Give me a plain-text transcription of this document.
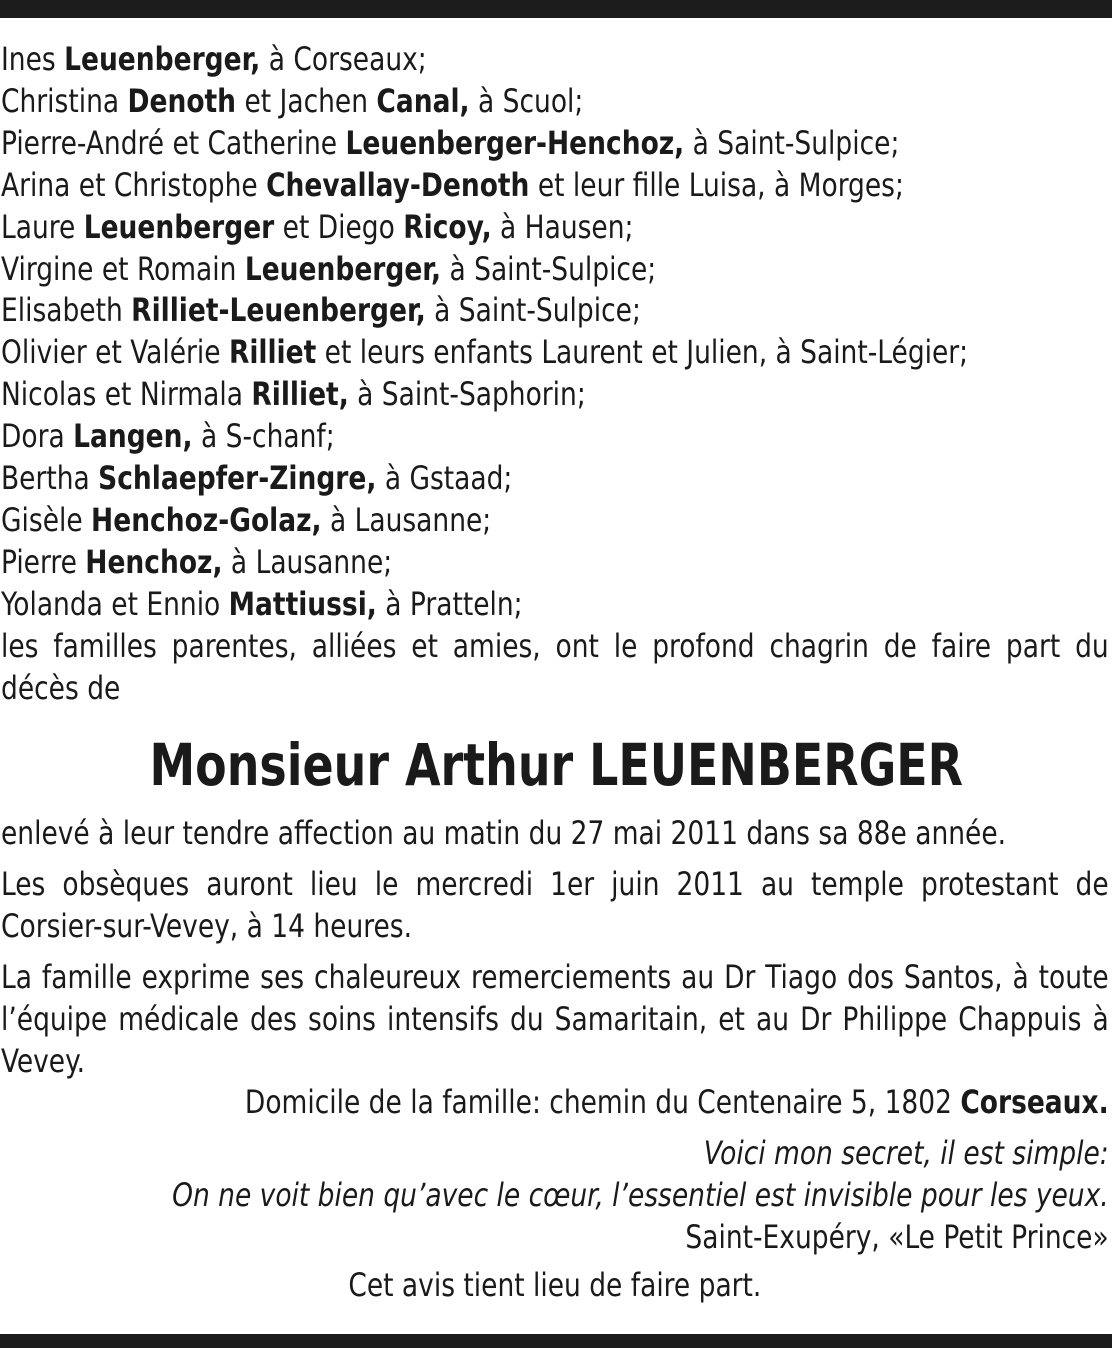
Ines Leuenberger, à Corseaux;
Christina Denoth et Jachen Canal, à Scuol;
Pierre-André et Catherine Leuenberger-Henchoz, à Saint-Sulpice;
Arina et Christophe Chevallay-Denoth et leur fille Luisa, à Morges;
Laure Leuenberger et Diego Ricoy, à Hausen;
Virgine et Romain Leuenberger, à Saint-Sulpice;
Elisabeth Rilliet-Leuenberger, à Saint-Sulpice;
Olivier et Valérie Rilliet et leurs enfants Laurent et Julien, à Saint-Légier;
Nicolas et Nirmala Rilliet, à Saint-Saphorin;
Dora Langen, à S-chanf;
Bertha Schlaepfer-Zingre, à Gstaad;
Gisèle Henchoz-Golaz, à Lausanne;
Pierre Henchoz, à Lausanne;
Yolanda et Ennio Mattiussi, à Pratteln;
les familles parentes, alliées et amies, ont le profond chagrin de faire part du décès de
Monsieur Arthur LEUENBERGER

enlevé à leur tendre affection au matin du 27 mai 2011 dans sa 88e année.

Les obsèques auront lieu le mercredi 1er juin 2011 au temple protestant de Corsier-sur-Vevey, à 14 heures.

La famille exprime ses chaleureux remerciements au Dr Tiago dos Santos, à toute l’équipe médicale des soins intensifs du Samaritain, et au Dr Philippe Chappuis à Vevey.

Domicile de la famille: chemin du Centenaire 5, 1802 Corseaux.
Voici mon secret, il est simple:
On ne voit bien qu’avec le cœur, l’essentiel est invisible pour les yeux.
Saint-Exupéry, «Le Petit Prince»
Cet avis tient lieu de faire part.
